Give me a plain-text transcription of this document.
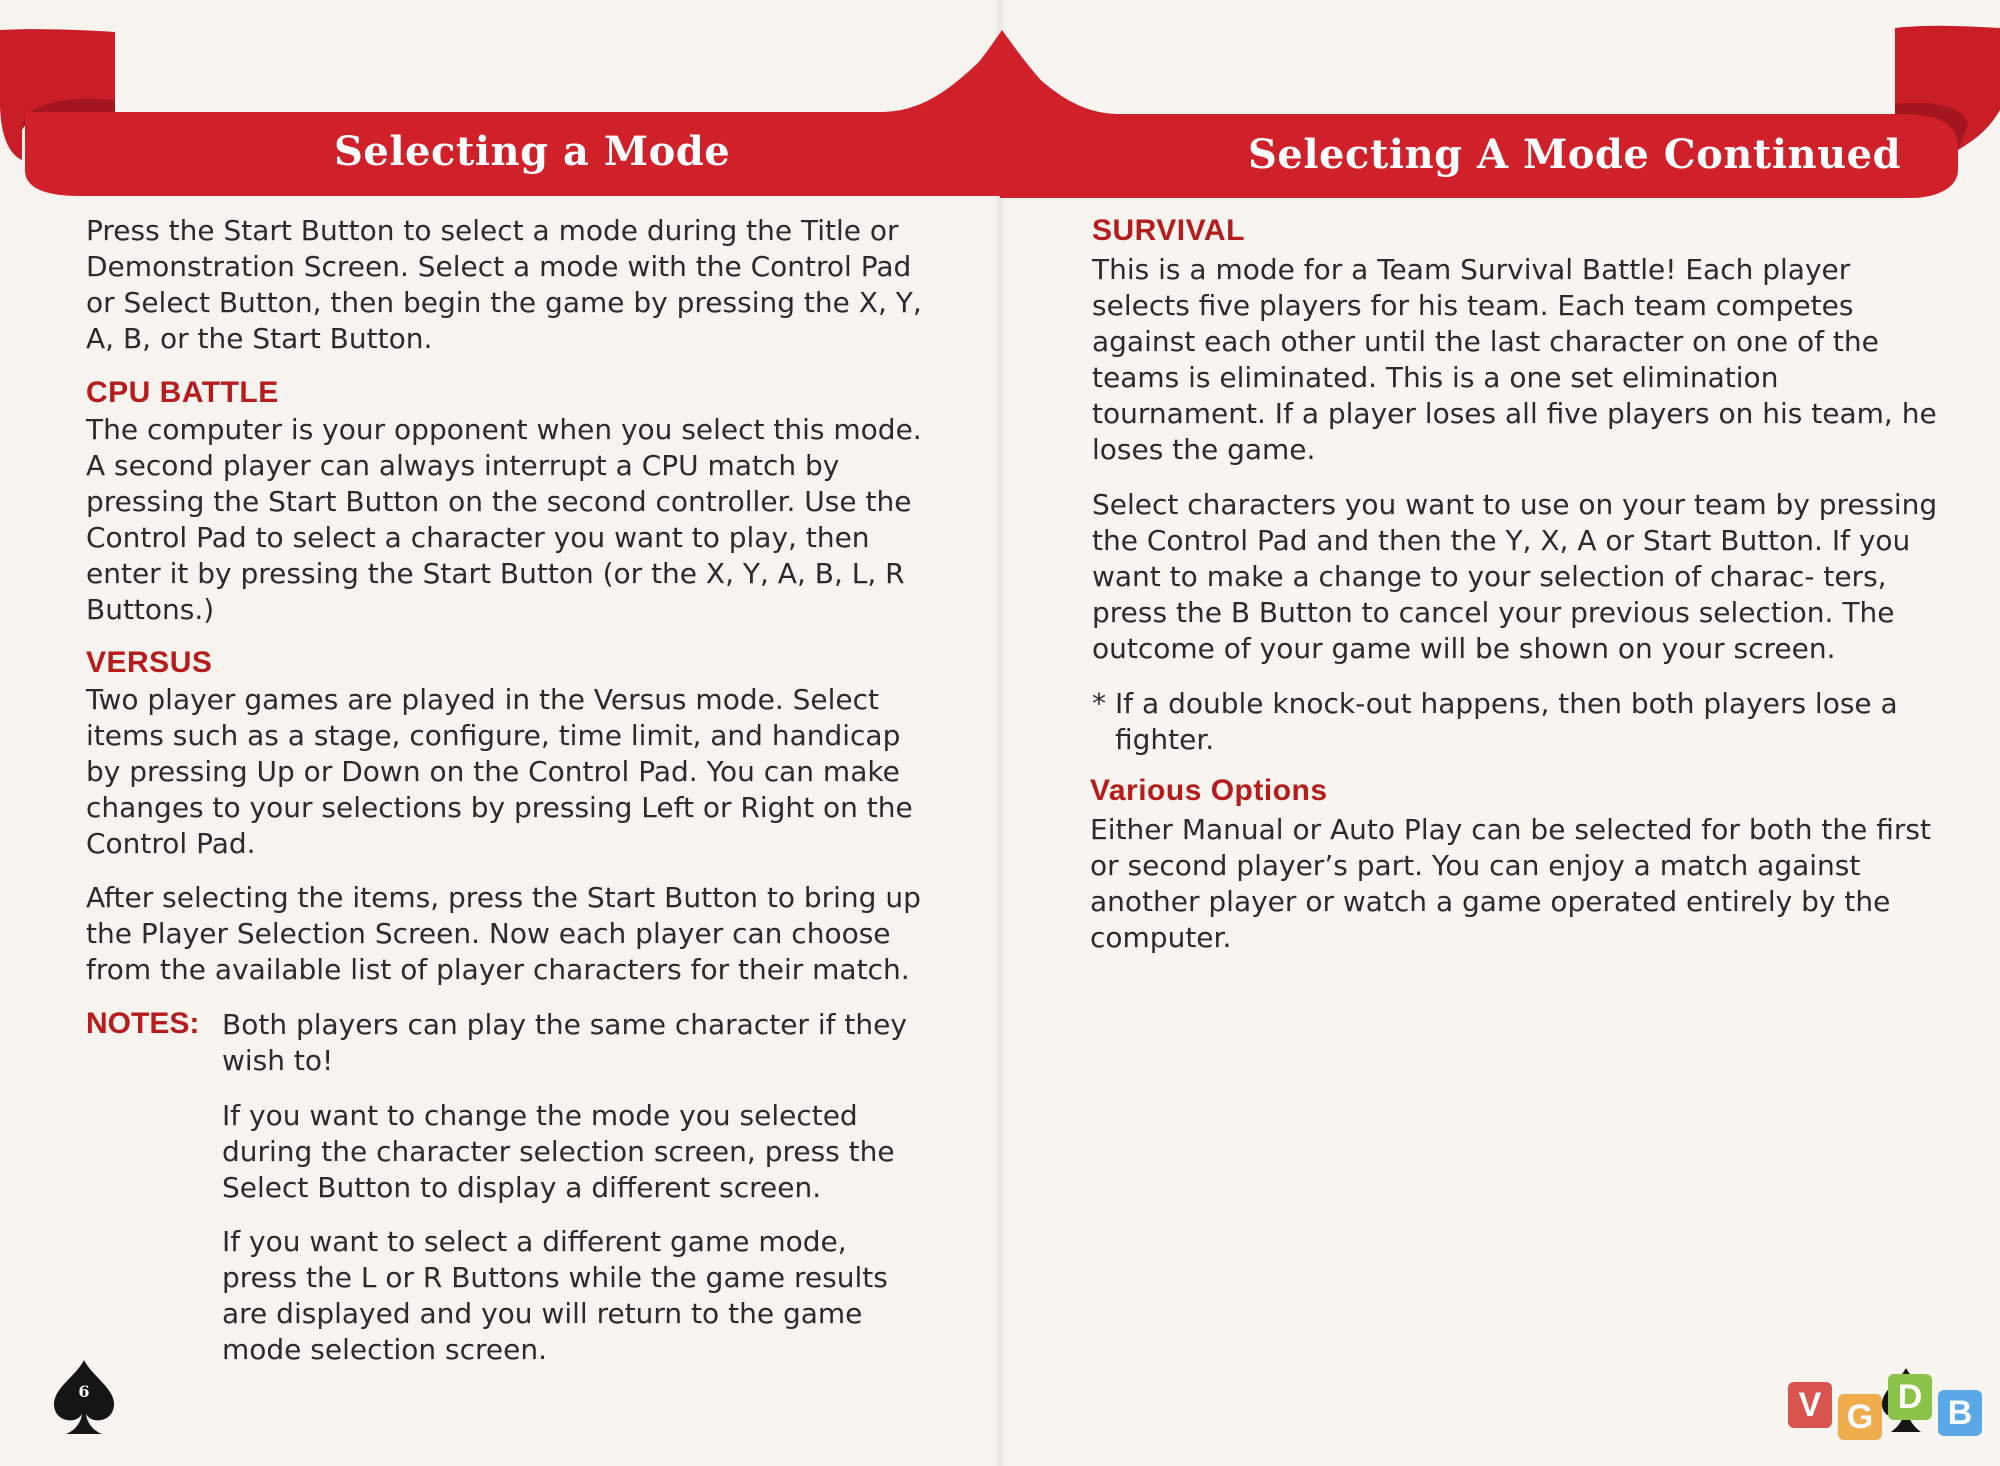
Selecting a Mode	Selecting A Mode Continued

Press the Start Button to select a mode during the Title or Demonstration Screen. Select a mode with the Control Pad or Select Button, then begin the game by pressing the X, Y, A, B, or the Start Button.

CPU BATTLE

The computer is your opponent when you select this mode. A second player can always interrupt a CPU match by pressing the Start Button on the second controller. Use the Control Pad to select a character you want to play, then enter it by pressing the Start Button (or the X, Y, A, B, L, R Buttons.)

VERSUS

Two player games are played in the Versus mode. Select items such as a stage, configure, time limit, and handicap by pressing Up or Down on the Control Pad. You can make changes to your selections by pressing Left or Right on the Control Pad.

After selecting the items, press the Start Button to bring up the Player Selection Screen. Now each player can choose from the available list of player characters for their match.

NOTES: Both players can play the same character if they wish to!

If you want to change the mode you selected during the character selection screen, press the Select Button to display a different screen.

If you want to select a different game mode, press the L or R Buttons while the game results are displayed and you will return to the game mode selection screen.

6
SURVIVAL

This is a mode for a Team Survival Battle! Each player selects five players for his team. Each team competes against each other until the last character on one of the teams is eliminated. This is a one set elimination tournament. If a player loses all five players on his team, he loses the game.

Select characters you want to use on your team by pressing the Control Pad and then the Y, X, A or Start Button. If you want to make a change to your selection of charac- ters, press the B Button to cancel your previous selection. The outcome of your game will be shown on your screen.

* If a double knock-out happens, then both players lose a fighter.

Various Options

Either Manual or Auto Play can be selected for both the first or second player’s part. You can enjoy a match against another player or watch a game operated entirely by the computer.

V G
D B
